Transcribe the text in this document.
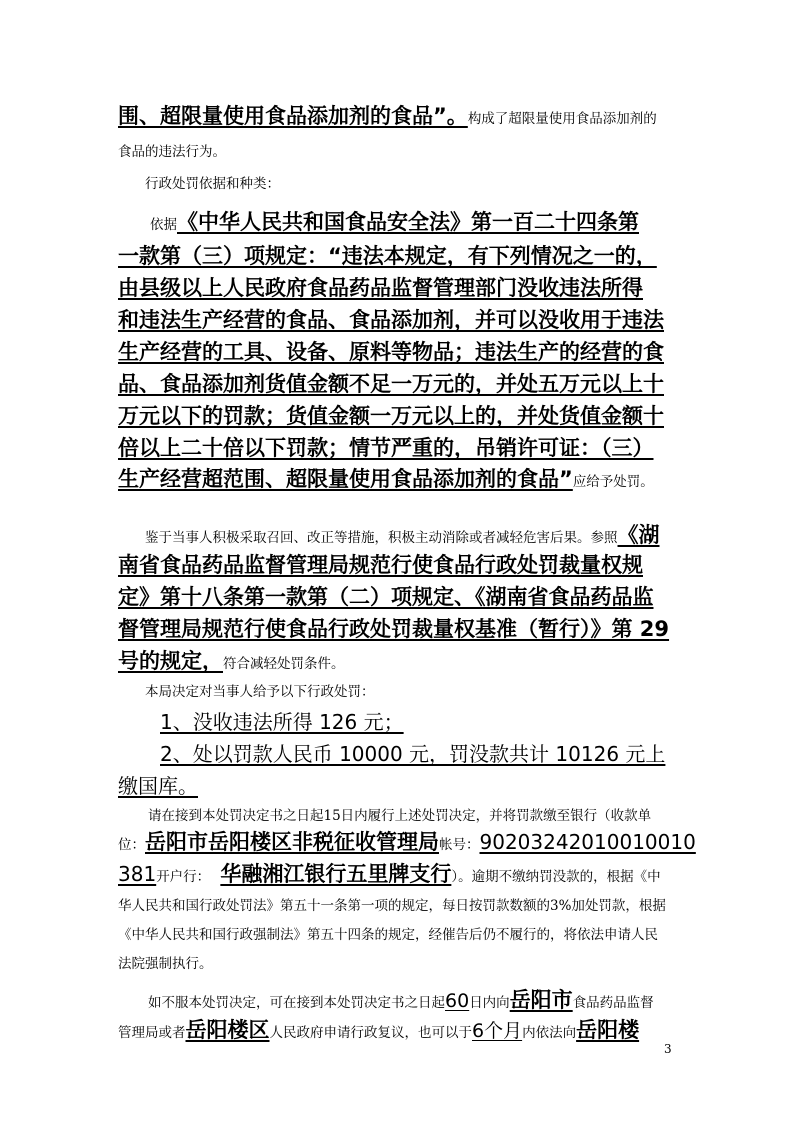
围、超限量使用食品添加剂的食品”。构成了超限量使用食品添加剂的
食品的违法行为。
行政处罚依据和种类：
依据《中华人民共和国食品安全法》第一百二十四条第
一款第（三）项规定：“违法本规定，有下列情况之一的，
由县级以上人民政府食品药品监督管理部门没收违法所得
和违法生产经营的食品、食品添加剂，并可以没收用于违法
生产经营的工具、设备、原料等物品；违法生产的经营的食
品、食品添加剂货值金额不足一万元的，并处五万元以上十
万元以下的罚款；货值金额一万元以上的，并处货值金额十
倍以上二十倍以下罚款；情节严重的，吊销许可证：（三）
生产经营超范围、超限量使用食品添加剂的食品”应给予处罚。
鉴于当事人积极采取召回、改正等措施，积极主动消除或者减轻危害后果。参照《湖
南省食品药品监督管理局规范行使食品行政处罚裁量权规
定》第十八条第一款第（二）项规定、《湖南省食品药品监
督管理局规范行使食品行政处罚裁量权基准（暂行）》第 29
号的规定，符合减轻处罚条件。
本局决定对当事人给予以下行政处罚：
1、没收违法所得 126 元；
2、处以罚款人民币 10000 元，罚没款共计 10126 元上
缴国库。
请在接到本处罚决定书之日起15日内履行上述处罚决定，并将罚款缴至银行（收款单
位：岳阳市岳阳楼区非税征收管理局帐号：90203242010010010
381开户行： 华融湘江银行五里牌支行）。逾期不缴纳罚没款的，根据《中
华人民共和国行政处罚法》第五十一条第一项的规定，每日按罚款数额的3%加处罚款，根据
《中华人民共和国行政强制法》第五十四条的规定，经催告后仍不履行的，将依法申请人民
法院强制执行。
如不服本处罚决定，可在接到本处罚决定书之日起60日内向岳阳市食品药品监督
管理局或者岳阳楼区人民政府申请行政复议，也可以于6个月内依法向岳阳楼
3
